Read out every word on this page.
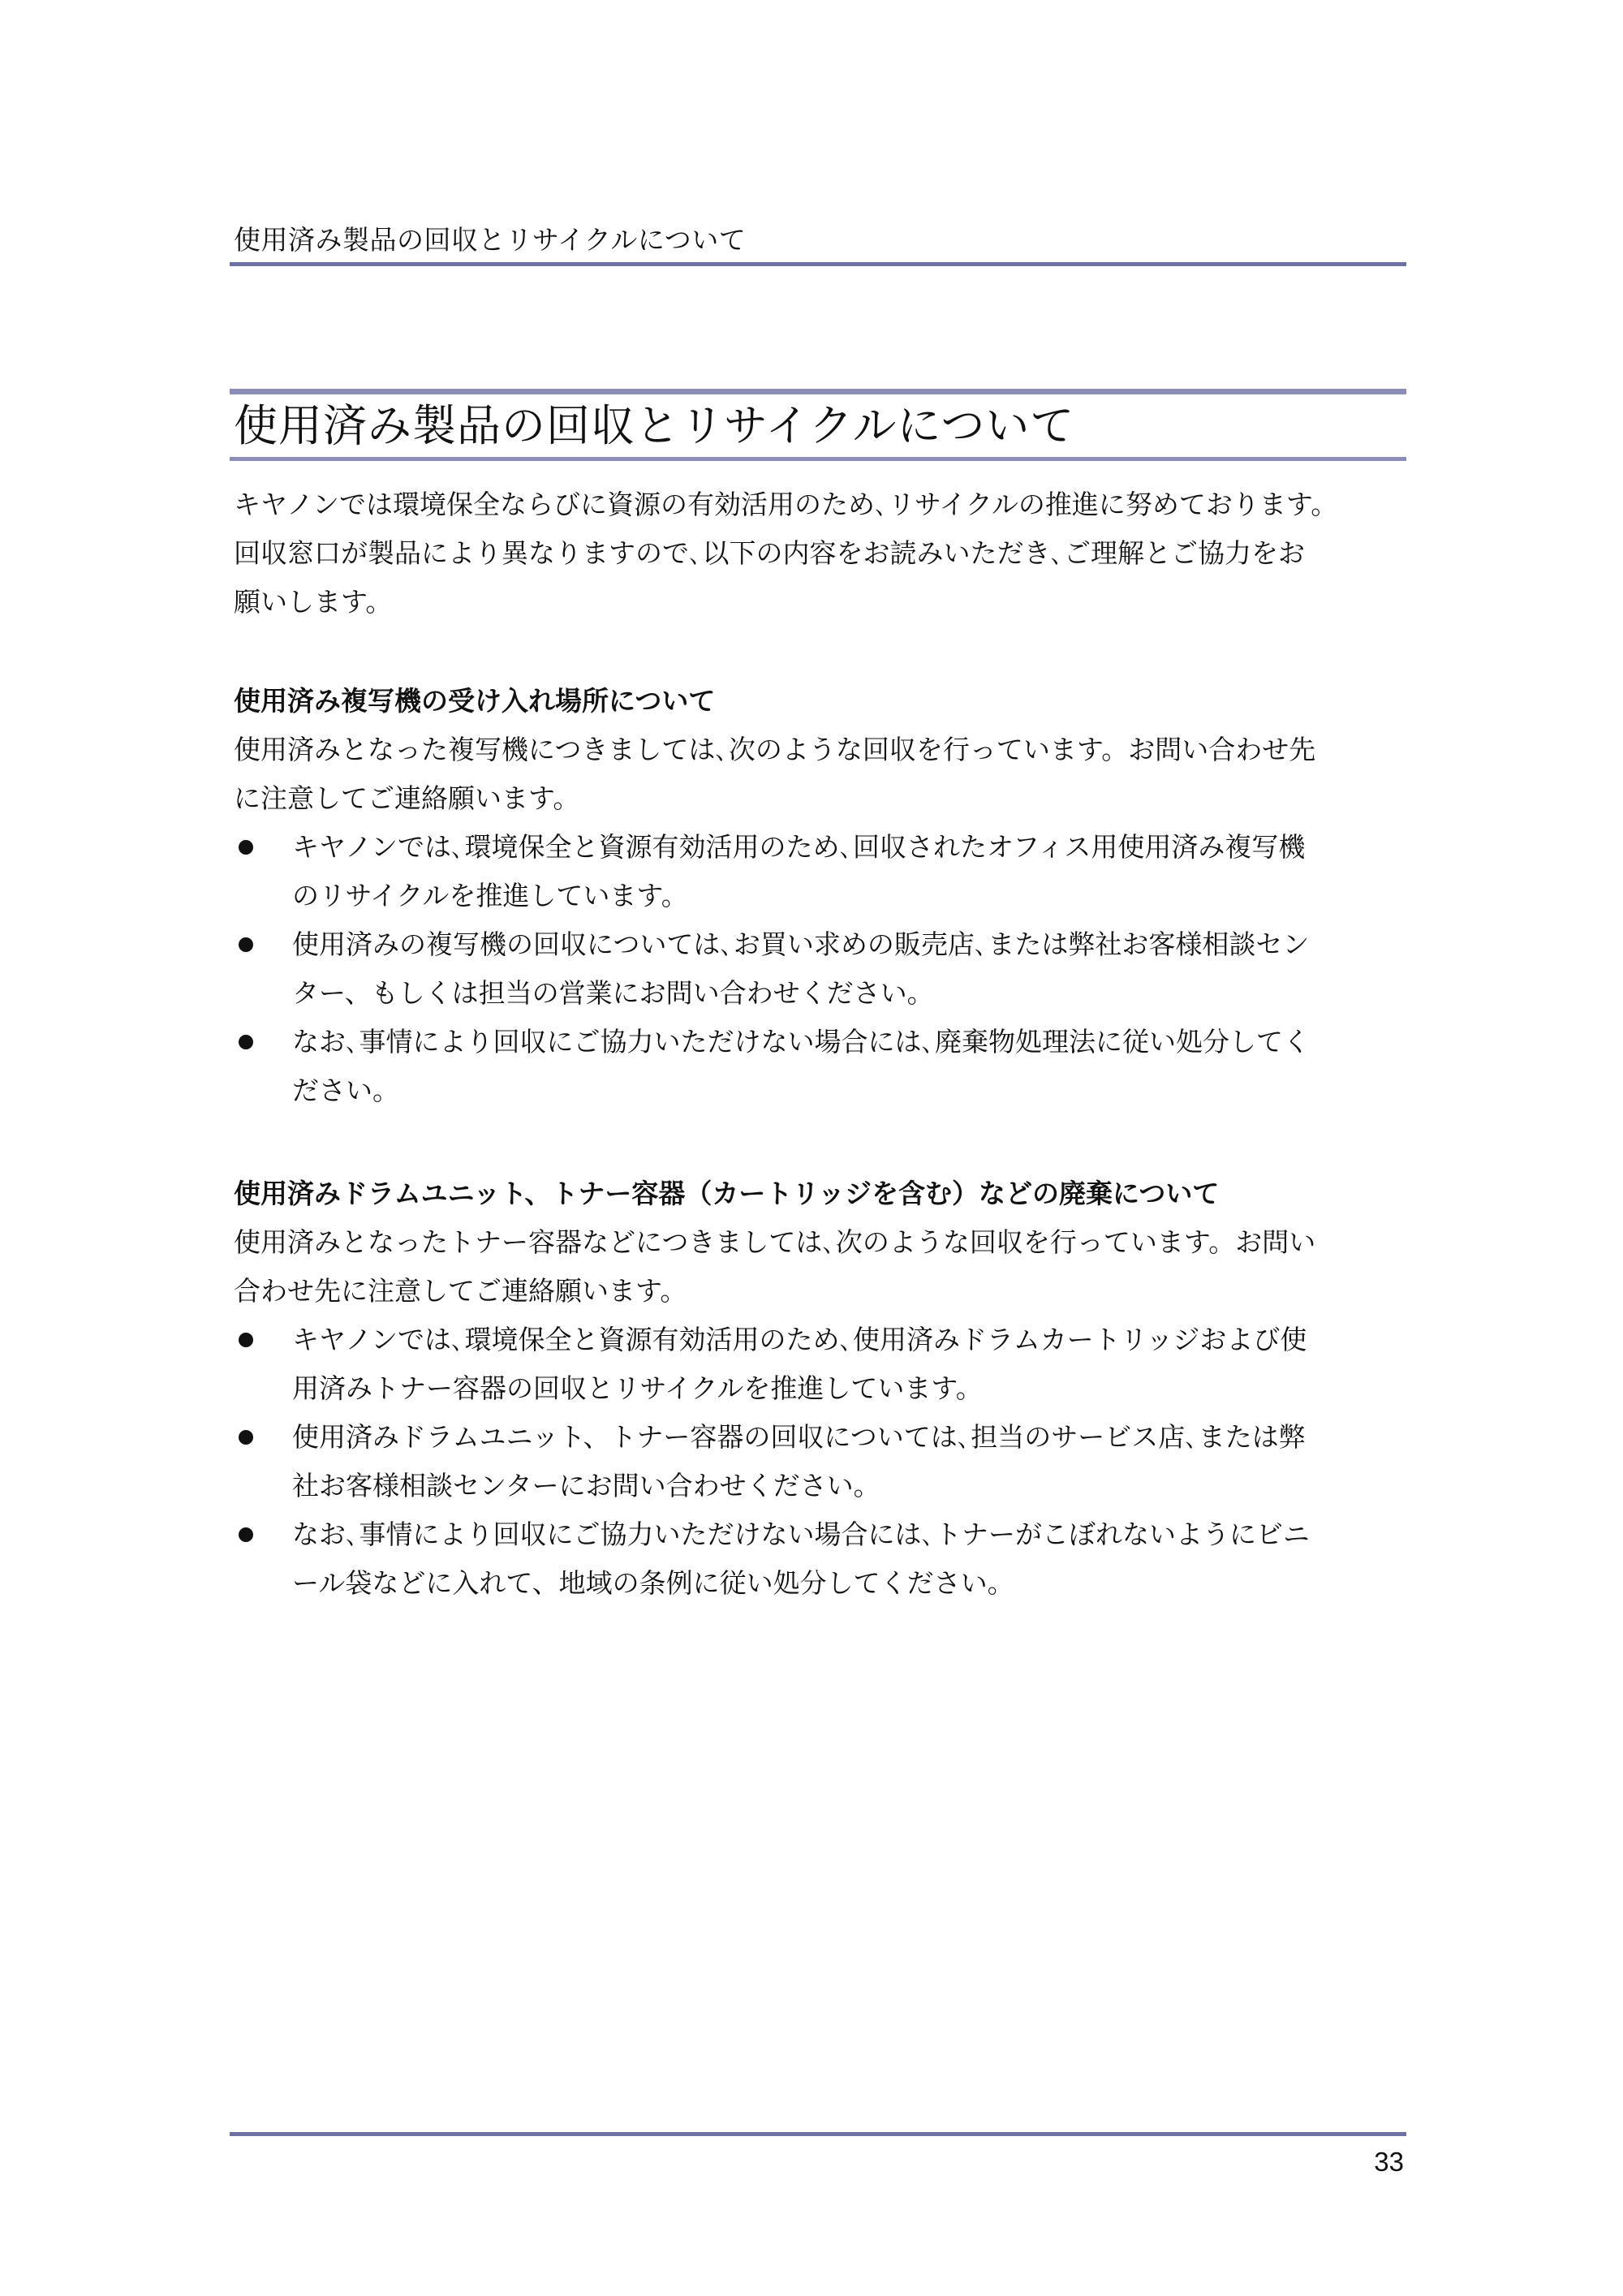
使用済み製品の回収とリサイクルについて
使用済み製品の回収とリサイクルについて
キヤノンでは環境保全ならびに資源の有効活用のため､リサイクルの推進に努めております。
回収窓口が製品により異なりますので､以下の内容をお読みいただき､ご理解とご協力をお
願いします。
使用済み複写機の受け入れ場所について
使用済みとなった複写機につきましては､次のような回収を行っています。お問い合わせ先
に注意してご連絡願います。
キヤノンでは､環境保全と資源有効活用のため､回収されたオフィス用使用済み複写機
のリサイクルを推進しています。
使用済みの複写機の回収については､お買い求めの販売店､または弊社お客様相談セン
ター、もしくは担当の営業にお問い合わせください。
なお､事情により回収にご協力いただけない場合には､廃棄物処理法に従い処分してく
ださい。
使用済みドラムユニット、トナー容器（カートリッジを含む）などの廃棄について
使用済みとなったトナー容器などにつきましては､次のような回収を行っています。お問い
合わせ先に注意してご連絡願います。
キヤノンでは､環境保全と資源有効活用のため､使用済みドラムカートリッジおよび使
用済みトナー容器の回収とリサイクルを推進しています。
使用済みドラムユニット、トナー容器の回収については､担当のサービス店､または弊
社お客様相談センターにお問い合わせください。
なお､事情により回収にご協力いただけない場合には､トナーがこぼれないようにビニ
ール袋などに入れて、地域の条例に従い処分してください。
33
